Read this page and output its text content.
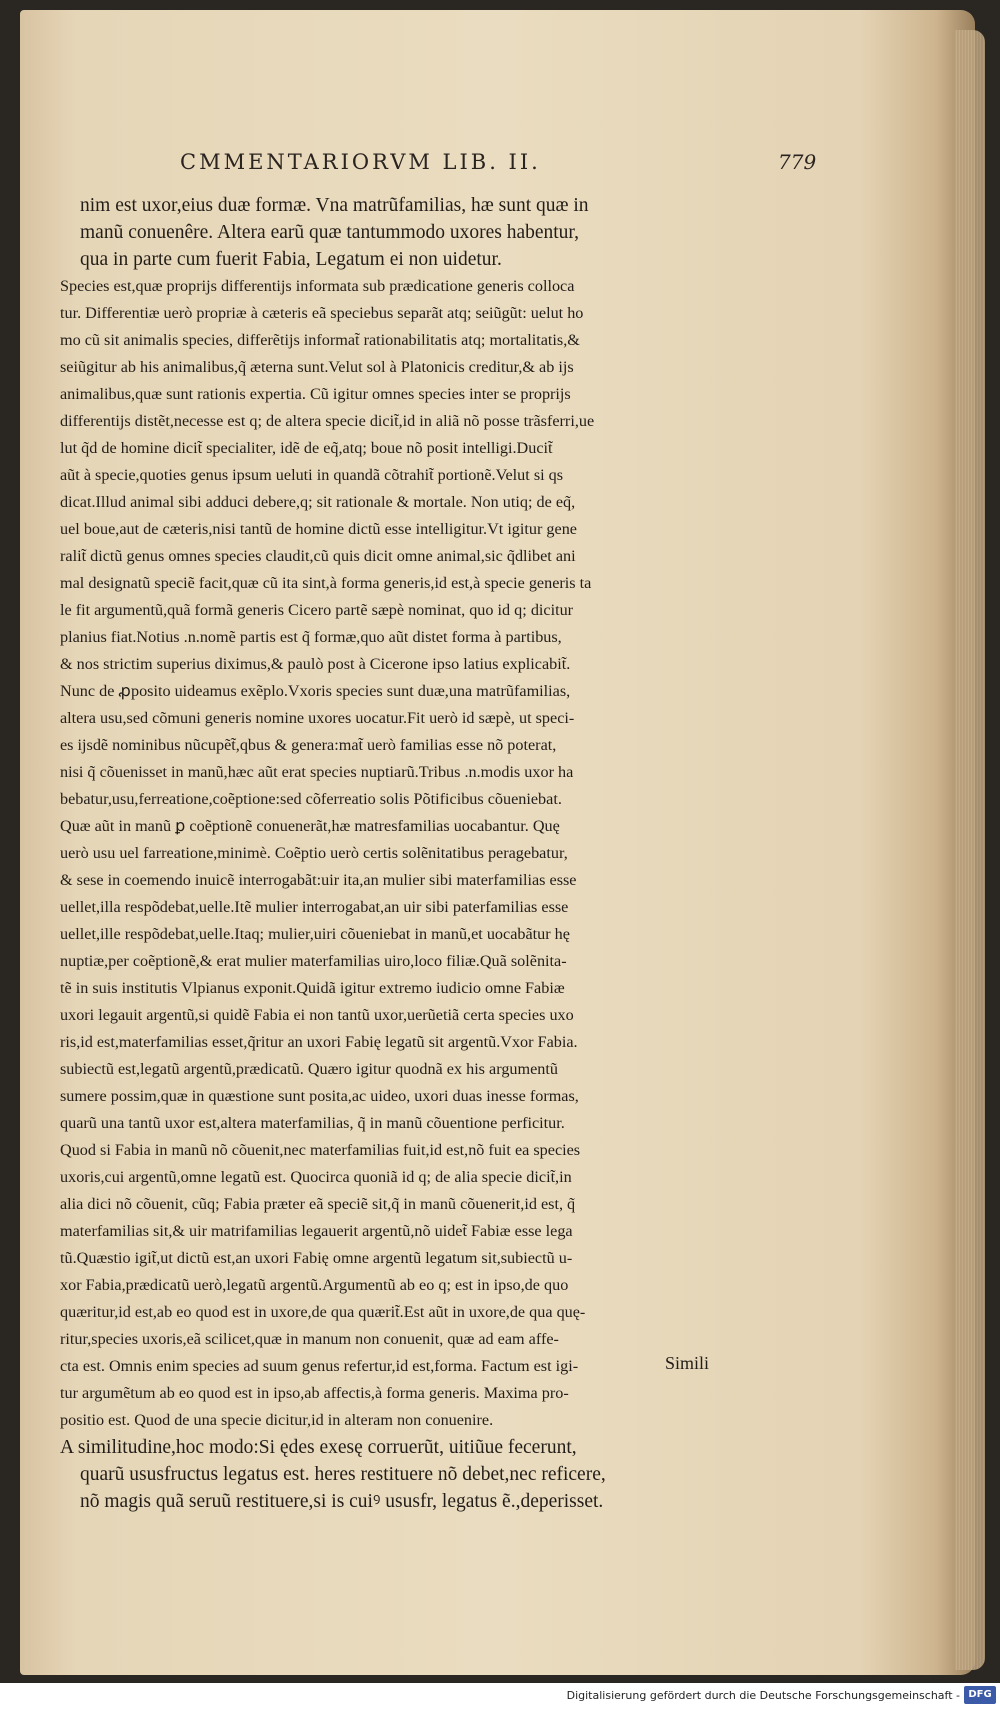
CMMENTARIORVM LIB. II.	779
nim est uxor,eius duæ formæ. Vna matrũfamilias, hæ sunt quæ in
manũ conuenêre. Altera earũ quæ tantummodo uxores habentur,
qua in parte cum fuerit Fabia, Legatum ei non uidetur.
Species est,quæ proprijs differentijs informata sub prædicatione generis colloca
tur. Differentiæ uerò propriæ à cæteris eã speciebus separãt atq; seiũgũt: uelut ho
mo cũ sit animalis species, differẽtijs informat̃ rationabilitatis atq; mortalitatis,&
seiũgitur ab his animalibus,q̃ æterna sunt.Velut sol à Platonicis creditur,& ab ijs
animalibus,quæ sunt rationis expertia. Cũ igitur omnes species inter se proprijs
differentijs distẽt,necesse est q; de altera specie dicit̃,id in aliã nõ posse trãsferri,ue
lut q̃d de homine dicit̃ specialiter, idẽ de eq̃,atq; boue nõ posit intelligi.Ducit̃
aũt à specie,quoties genus ipsum ueluti in quandã cõtrahit̃ portionẽ.Velut si qs
dicat.Illud animal sibi adduci debere,q; sit rationale & mortale. Non utiq; de eq̃,
uel boue,aut de cæteris,nisi tantũ de homine dictũ esse intelligitur.Vt igitur gene
ralit̃ dictũ genus omnes species claudit,cũ quis dicit omne animal,sic q̃dlibet ani
mal designatũ speciẽ facit,quæ cũ ita sint,à forma generis,id est,à specie generis ta
le fit argumentũ,quã formã generis Cicero partẽ sæpè nominat, quo id q; dicitur
planius fiat.Notius .n.nomẽ partis est q̃ formæ,quo aũt distet forma à partibus,
& nos strictim superius diximus,& paulò post à Cicerone ipso latius explicabit̃.
Nunc de ꝓposito uideamus exẽplo.Vxoris species sunt duæ,una matrũfamilias,
altera usu,sed cõmuni generis nomine uxores uocatur.Fit uerò id sæpè, ut speci-
es ijsdẽ nominibus nũcupẽt̃,qbus & genera:mat̃ uerò familias esse nõ poterat,
nisi q̃ cõuenisset in manũ,hæc aũt erat species nuptiarũ.Tribus .n.modis uxor ha
bebatur,usu,ferreatione,coẽptione:sed cõferreatio solis Põtificibus cõueniebat.
Quæ aũt in manũ ꝑ coẽptionẽ conuenerãt,hæ matresfamilias uocabantur. Quę
uerò usu uel farreatione,minimè. Coẽptio uerò certis solẽnitatibus peragebatur,
& sese in coemendo inuicẽ interrogabãt:uir ita,an mulier sibi materfamilias esse
uellet,illa respõdebat,uelle.Itẽ mulier interrogabat,an uir sibi paterfamilias esse
uellet,ille respõdebat,uelle.Itaq; mulier,uiri cõueniebat in manũ,et uocabãtur hę
nuptiæ,per coẽptionẽ,& erat mulier materfamilias uiro,loco filiæ.Quã solẽnita-
tẽ in suis institutis Vlpianus exponit.Quidã igitur extremo iudicio omne Fabiæ
uxori legauit argentũ,si quidẽ Fabia ei non tantũ uxor,uerũetiã certa species uxo
ris,id est,materfamilias esset,q̃ritur an uxori Fabię legatũ sit argentũ.Vxor Fabia.
subiectũ est,legatũ argentũ,prædicatũ. Quæro igitur quodnã ex his argumentũ
sumere possim,quæ in quæstione sunt posita,ac uideo, uxori duas inesse formas,
quarũ una tantũ uxor est,altera materfamilias, q̃ in manũ cõuentione perficitur.
Quod si Fabia in manũ nõ cõuenit,nec materfamilias fuit,id est,nõ fuit ea species
uxoris,cui argentũ,omne legatũ est. Quocirca quoniã id q; de alia specie dicit̃,in
alia dici nõ cõuenit, cũq; Fabia præter eã speciẽ sit,q̃ in manũ cõuenerit,id est, q̃
materfamilias sit,& uir matrifamilias legauerit argentũ,nõ uidet̃ Fabiæ esse lega
tũ.Quæstio igit̃,ut dictũ est,an uxori Fabię omne argentũ legatum sit,subiectũ u-
xor Fabia,prædicatũ uerò,legatũ argentũ.Argumentũ ab eo q; est in ipso,de quo
quæritur,id est,ab eo quod est in uxore,de qua quærit̃.Est aũt in uxore,de qua quę-
ritur,species uxoris,eã scilicet,quæ in manum non conuenit, quæ ad eam affe-
cta est. Omnis enim species ad suum genus refertur,id est,forma. Factum est igi-
tur argumẽtum ab eo quod est in ipso,ab affectis,à forma generis. Maxima pro-
positio est. Quod de una specie dicitur,id in alteram non conuenire.
A similitudine,hoc modo:Si ędes exesę corruerũt, uitiũue fecerunt,
quarũ ususfructus legatus est. heres restituere nõ debet,nec reficere,
nõ magis quã seruũ restituere,si is cuiꝰ ususfr, legatus ẽ.,deperisset.
Simili
Digitalisierung gefördert durch die Deutsche Forschungsgemeinschaft - DFG
